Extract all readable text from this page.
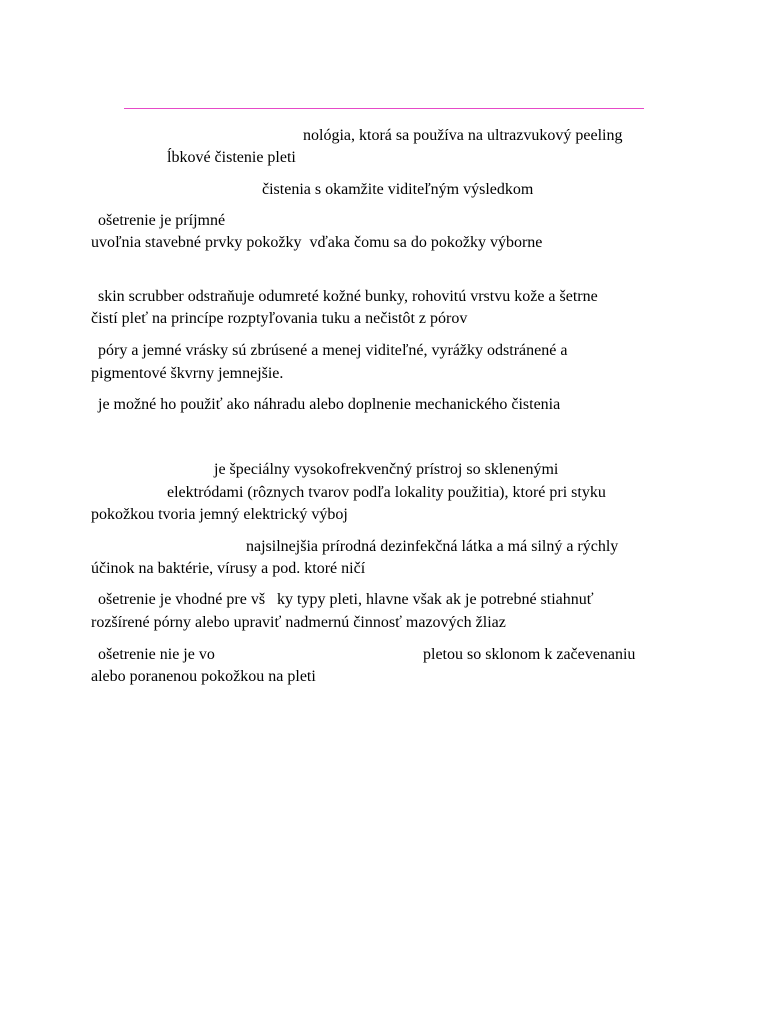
nológia, ktorá sa používa na ultrazvukový peeling
ĺbkové čistenie pleti
čistenia s okamžite viditeľným výsledkom
ošetrenie je príjmné
uvoľnia stavebné prvky pokožky  vďaka čomu sa do pokožky výborne
skin scrubber odstraňuje odumreté kožné bunky, rohovitú vrstvu kože a šetrne
čistí pleť na princípe rozptyľovania tuku a nečistôt z pórov
póry a jemné vrásky sú zbrúsené a menej viditeľné, vyrážky odstránené a
pigmentové škvrny jemnejšie.
je možné ho použiť ako náhradu alebo doplnenie mechanického čistenia
je špeciálny vysokofrekvenčný prístroj so sklenenými
elektródami (rôznych tvarov podľa lokality použitia), ktoré pri styku
pokožkou tvoria jemný elektrický výboj
najsilnejšia prírodná dezinfekčná látka a má silný a rýchly
účinok na baktérie, vírusy a pod. ktoré ničí
ošetrenie je vhodné pre vš   ky typy pleti, hlavne však ak je potrebné stiahnuť
rozšírené pórny alebo upraviť nadmernú činnosť mazových žliaz
ošetrenie nie je vo	pletou so sklonom k začevenaniu
alebo poranenou pokožkou na pleti
